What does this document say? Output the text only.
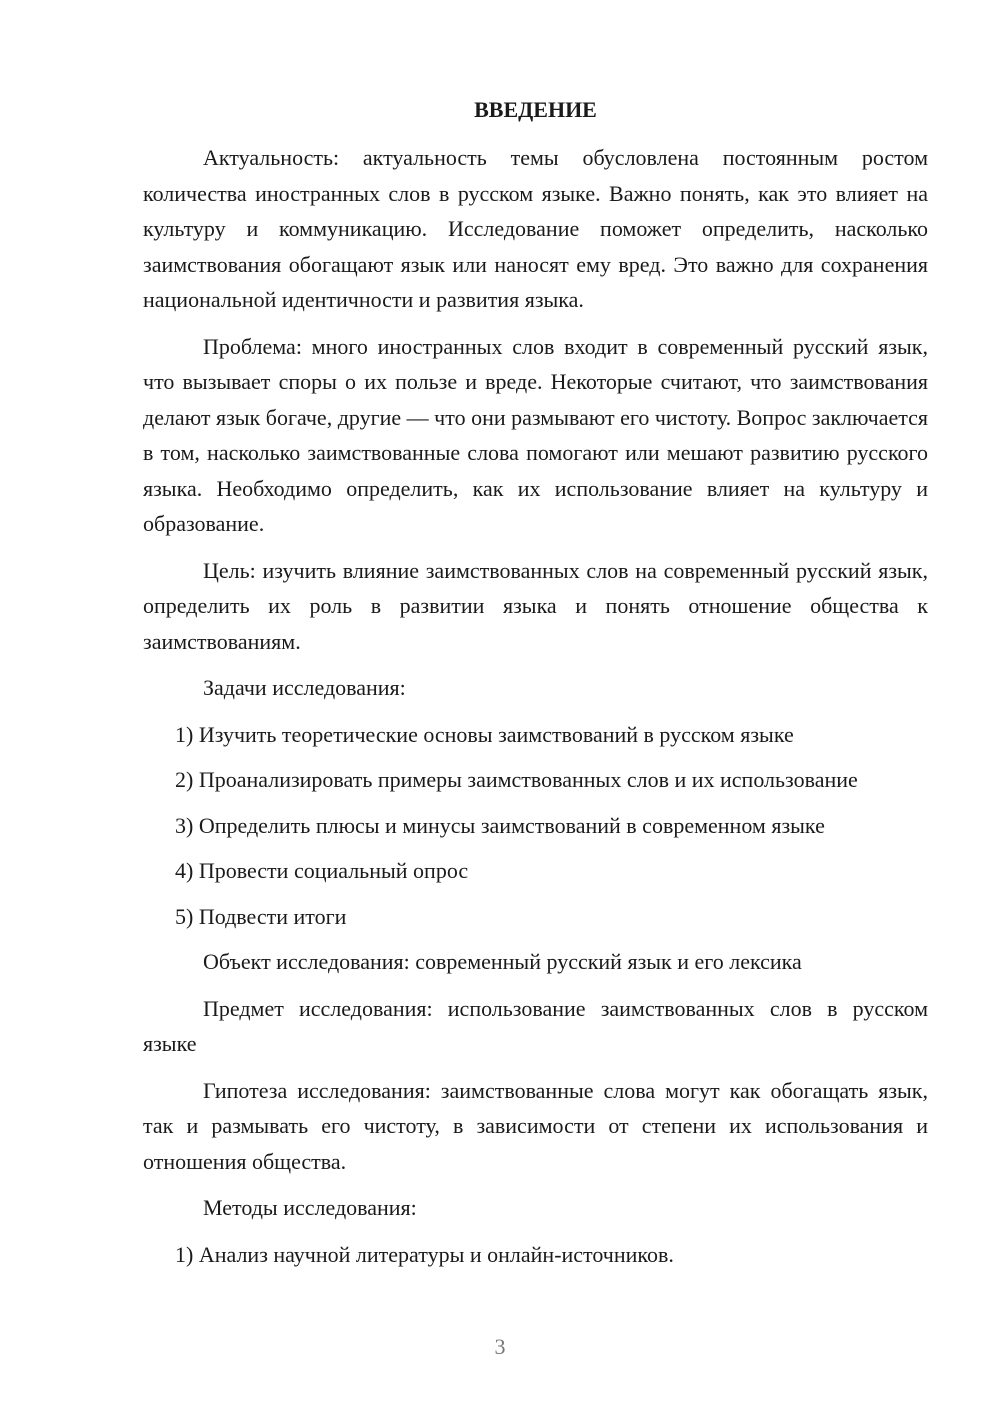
ВВЕДЕНИЕ

Актуальность: актуальность темы обусловлена постоянным ростом количества иностранных слов в русском языке. Важно понять, как это влияет на культуру и коммуникацию. Исследование поможет определить, насколько заимствования обогащают язык или наносят ему вред. Это важно для сохранения национальной идентичности и развития языка.

Проблема: много иностранных слов входит в современный русский язык, что вызывает споры о их пользе и вреде. Некоторые считают, что заимствования делают язык богаче, другие — что они размывают его чистоту. Вопрос заключается в том, насколько заимствованные слова помогают или мешают развитию русского языка. Необходимо определить, как их использование влияет на культуру и образование.

Цель: изучить влияние заимствованных слов на современный русский язык, определить их роль в развитии языка и понять отношение общества к заимствованиям.

Задачи исследования:

1) Изучить теоретические основы заимствований в русском языке

2) Проанализировать примеры заимствованных слов и их использование

3) Определить плюсы и минусы заимствований в современном языке

4) Провести социальный опрос

5) Подвести итоги

Объект исследования: современный русский язык и его лексика

Предмет исследования: использование заимствованных слов в русском языке

Гипотеза исследования: заимствованные слова могут как обогащать язык, так и размывать его чистоту, в зависимости от степени их использования и отношения общества.

Методы исследования:

1) Анализ научной литературы и онлайн-источников.

3
